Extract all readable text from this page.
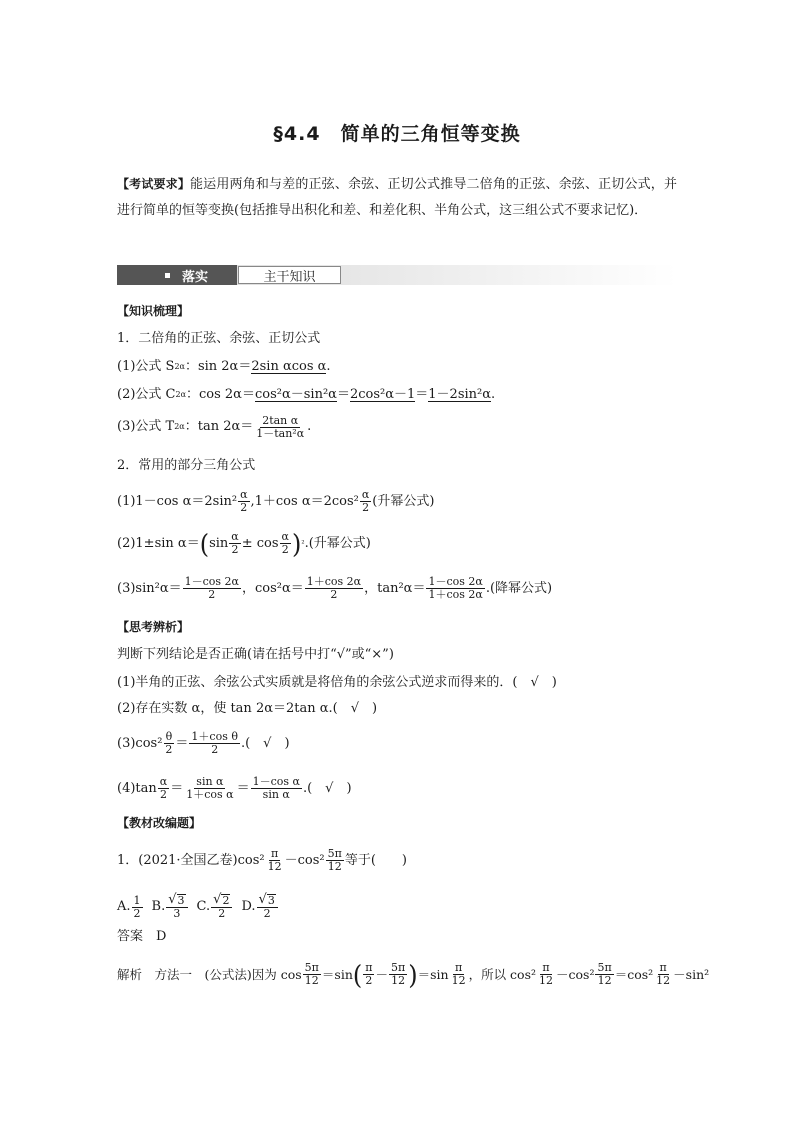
§4.4　简单的三角恒等变换
【考试要求】能运用两角和与差的正弦、余弦、正切公式推导二倍角的正弦、余弦、正切公式，并进行简单的恒等变换(包括推导出积化和差、和差化积、半角公式，这三组公式不要求记忆)．
落实	主干知识
【知识梳理】
1．二倍角的正弦、余弦、正切公式
(1)公式 S 2α ：sin 2α＝ 2sin αcos α .
(2)公式 C 2α ：cos 2α＝ cos²α－sin²α ＝ 2cos²α－1 ＝ 1－2sin²α .
(3)公式 T 2α ：$\tan 2\alpha= \frac{\text{2tan α}}{\text{1－tan²α}}$ .
2．常用的部分三角公式
(1)1－cos α＝2sin² α
2 ,1＋cos α＝2cos² α
2 (升幂公式)
(2)1±sin α＝ ( sin α
2 ± cos α
2 ) ² .(升幂公式)
(3)sin²α＝ 1－cos 2α
2 ，cos²α＝ 1＋cos 2α
2 ，tan²α＝ 1－cos 2α
1＋cos 2α .(降幂公式)
【思考辨析】
判断下列结论是否正确(请在括号中打“√”或“×”)
(1)半角的正弦、余弦公式实质就是将倍角的余弦公式逆求而得来的．(　√　)
(2)存在实数 α，使 tan 2α＝2tan α.(　√　)
(3)cos² θ
2 ＝ 1＋cos θ
2 .(　√　)
(4)tan α
2 ＝ sin α
1＋cos α ＝ 1－cos α
sin α .(　√　)
【教材改编题】
1．(2021·全国乙卷)cos² π
12 －cos² 5π
12 等于(　　)
A. $\frac{1}{2} B$. $\frac{√ 3}{3} C$. $\frac{√ 2}{2} D$. $\frac{√ 3}{2}$
答案　D
解析　方法一　(公式法)因为 cos 5π
12 ＝sin ( π
2 － 5π
12 ) ＝sin π
12 ，所以 cos² π
12 －cos² 5π
12 ＝cos² π
12 －sin²
